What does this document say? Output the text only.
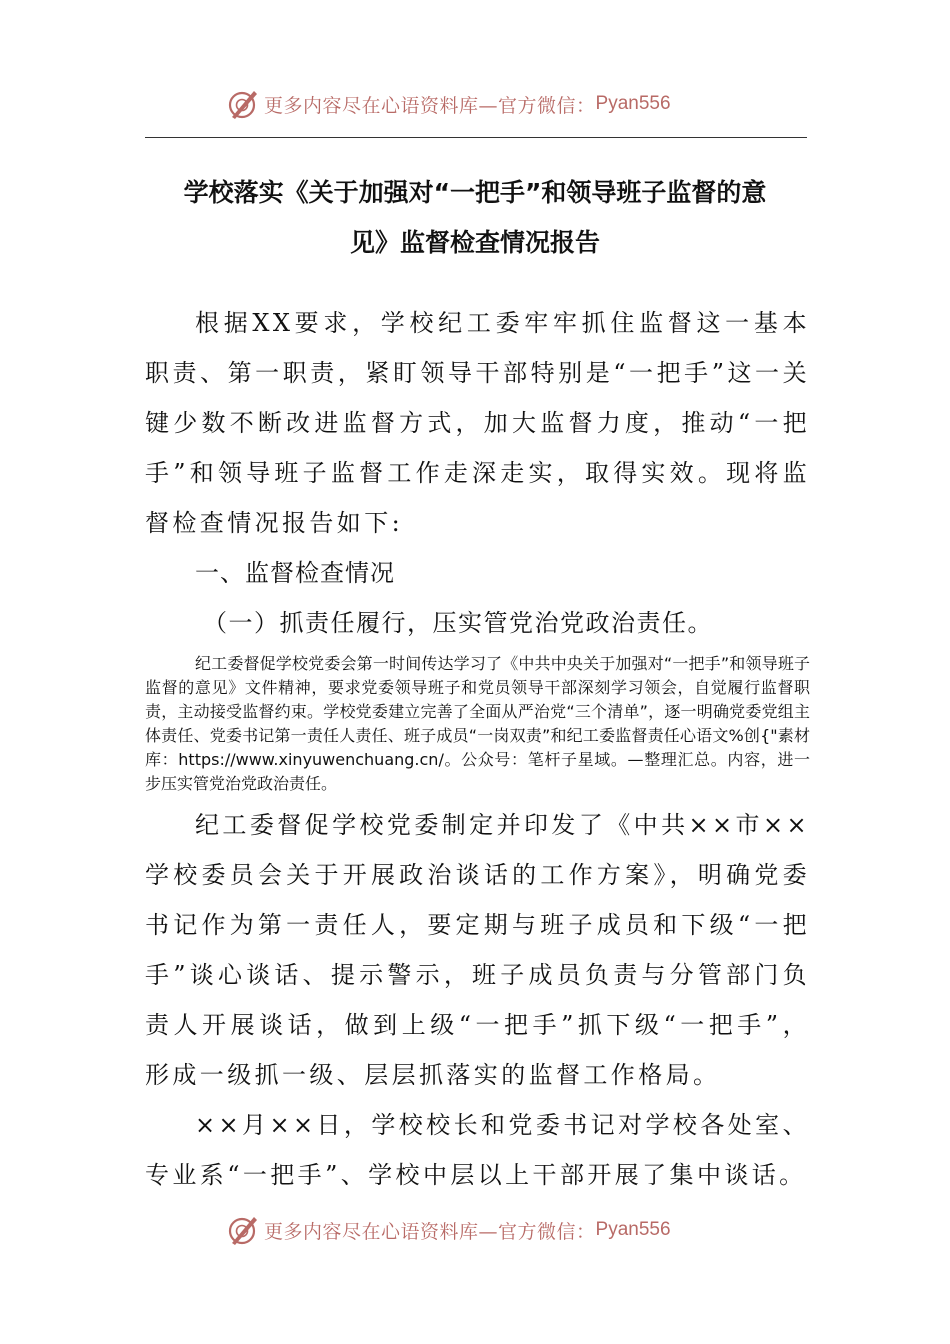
更多内容尽在心语资料库—官方微信： Pyan556
学校落实《关于加强对“一把手”和领导班子监督的意
见》监督检查情况报告

根据XX要求，学校纪工委牢牢抓住监督这一基本职责、第一职责，紧盯领导干部特别是“一把手”这一关键少数不断改进监督方式，加大监督力度，推动“一把手”和领导班子监督工作走深走实，取得实效。现将监督检查情况报告如下:

一、监督检查情况

（一）抓责任履行，压实管党治党政治责任。

纪工委督促学校党委会第一时间传达学习了《中共中央关于加强对“一把手”和领导班子监督的意见》文件精神，要求党委领导班子和党员领导干部深刻学习领会，自觉履行监督职责，主动接受监督约束。学校党委建立完善了全面从严治党“三个清单”，逐一明确党委党组主体责任、党委书记第一责任人责任、班子成员“一岗双责”和纪工委监督责任心语文%创{"素材库：https://www.xinyuwenchuang.cn/。公众号：笔杆子星域。—整理汇总。内容，进一步压实管党治党政治责任。

纪工委督促学校党委制定并印发了《中共××市××学校委员会关于开展政治谈话的工作方案》，明确党委书记作为第一责任人，要定期与班子成员和下级“一把手”谈心谈话、提示警示，班子成员负责与分管部门负责人开展谈话，做到上级“一把手”抓下级“一把手”，形成一级抓一级、层层抓落实的监督工作格局。

××月××日，学校校长和党委书记对学校各处室、专业系“一把手”、学校中层以上干部开展了集中谈话。

更多内容尽在心语资料库—官方微信： Pyan556
